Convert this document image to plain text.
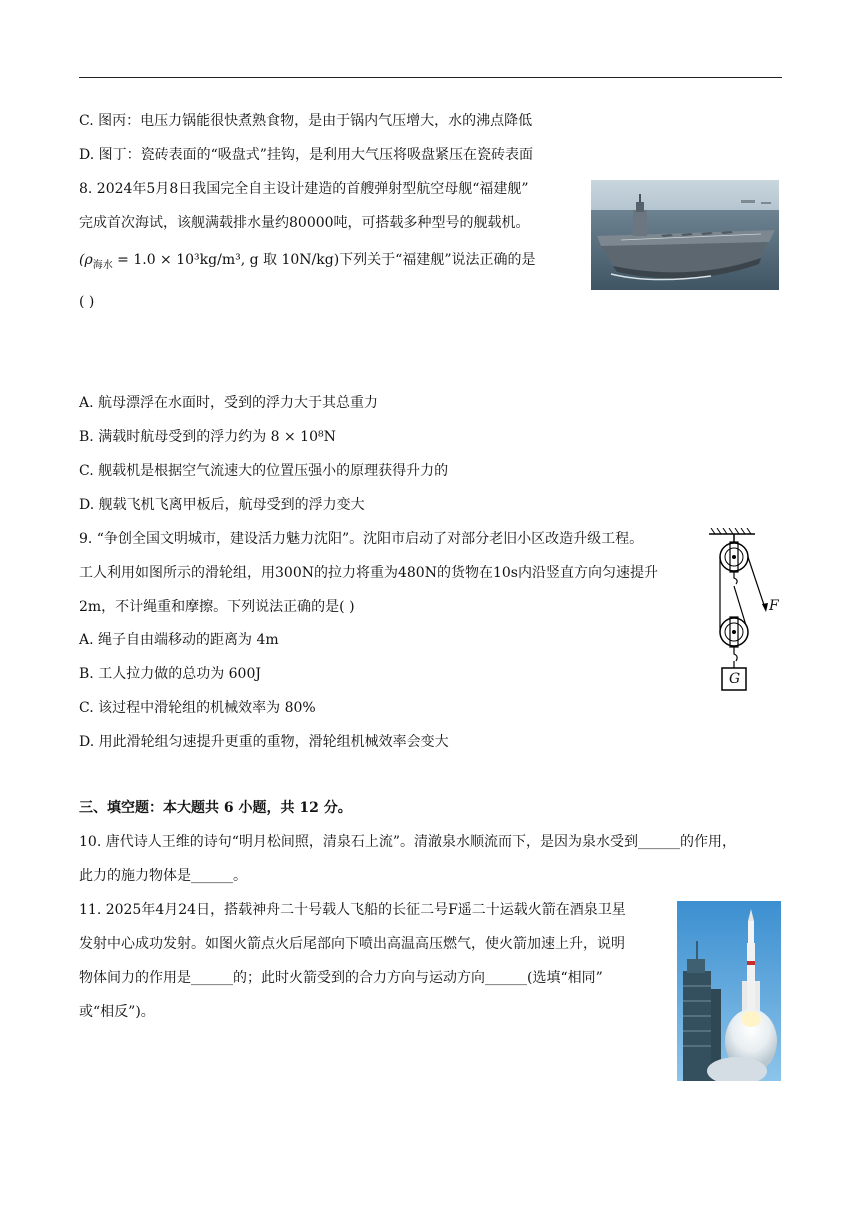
C. 图丙：电压力锅能很快煮熟食物，是由于锅内气压增大，水的沸点降低
D. 图丁：瓷砖表面的“吸盘式”挂钩，是利用大气压将吸盘紧压在瓷砖表面
8. 2024年5月8日我国完全自主设计建造的首艘弹射型航空母舰“福建舰”
完成首次海试，该舰满载排水量约80000吨，可搭载多种型号的舰载机。
($\rho_{海水} = 1.0 \times 10^3kg/m^3$, g 取 10N/kg)下列关于“福建舰”说法正确的是
( )
A. 航母漂浮在水面时，受到的浮力大于其总重力
B. 满载时航母受到的浮力约为 8 × 10⁸N
C. 舰载机是根据空气流速大的位置压强小的原理获得升力的
D. 舰载飞机飞离甲板后，航母受到的浮力变大
9. “争创全国文明城市，建设活力魅力沈阳”。沈阳市启动了对部分老旧小区改造升级工程。
工人利用如图所示的滑轮组，用300N的拉力将重为480N的货物在10s内沿竖直方向匀速提升
2m，不计绳重和摩擦。下列说法正确的是( )
A. 绳子自由端移动的距离为 4m
B. 工人拉力做的总功为 600J
C. 该过程中滑轮组的机械效率为 80%
D. 用此滑轮组匀速提升更重的重物，滑轮组机械效率会变大
F
G
三、填空题：本大题共 6 小题，共 12 分。
10. 唐代诗人王维的诗句“明月松间照，清泉石上流”。清澈泉水顺流而下，是因为泉水受到______的作用，
此力的施力物体是______。
11. 2025年4月24日，搭载神舟二十号载人飞船的长征二号F遥二十运载火箭在酒泉卫星
发射中心成功发射。如图火箭点火后尾部向下喷出高温高压燃气，使火箭加速上升，说明
物体间力的作用是______的；此时火箭受到的合力方向与运动方向______(选填“相同”
或“相反”)。
